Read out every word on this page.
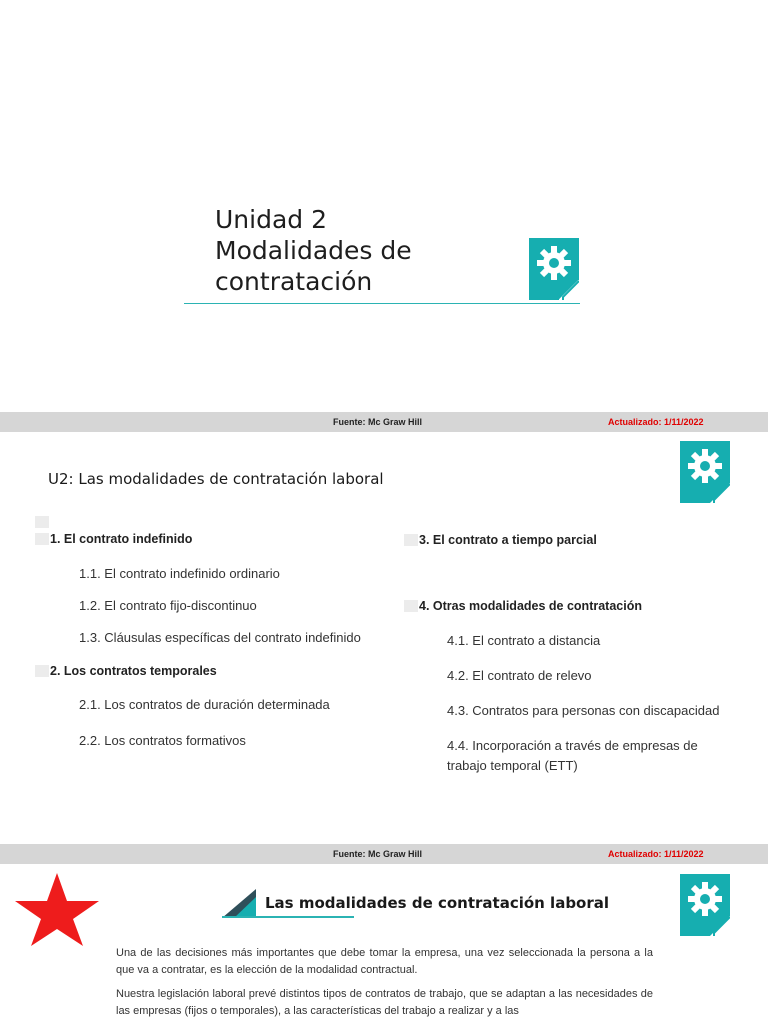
Unidad 2
Modalidades de
contratación
Fuente: Mc Graw Hill	Actualizado: 1/11/2022
U2: Las modalidades de contratación laboral
1. El contrato indefinido
1.1. El contrato indefinido ordinario
1.2. El contrato fijo-discontinuo
1.3. Cláusulas específicas del contrato indefinido
2. Los contratos temporales
2.1. Los contratos de duración determinada
2.2. Los contratos formativos
3. El contrato a tiempo parcial
4. Otras modalidades de contratación
4.1. El contrato a distancia
4.2. El contrato de relevo
4.3. Contratos para personas con discapacidad
4.4. Incorporación a través de empresas de trabajo temporal (ETT)
Fuente: Mc Graw Hill	Actualizado: 1/11/2022
Las modalidades de contratación laboral

Una de las decisiones más importantes que debe tomar la empresa, una vez seleccionada la persona a la que va a contratar, es la elección de la modalidad contractual.

Nuestra legislación laboral prevé distintos tipos de contratos de trabajo, que se adaptan a las necesidades de las empresas (fijos o temporales), a las características del trabajo a realizar y a las
